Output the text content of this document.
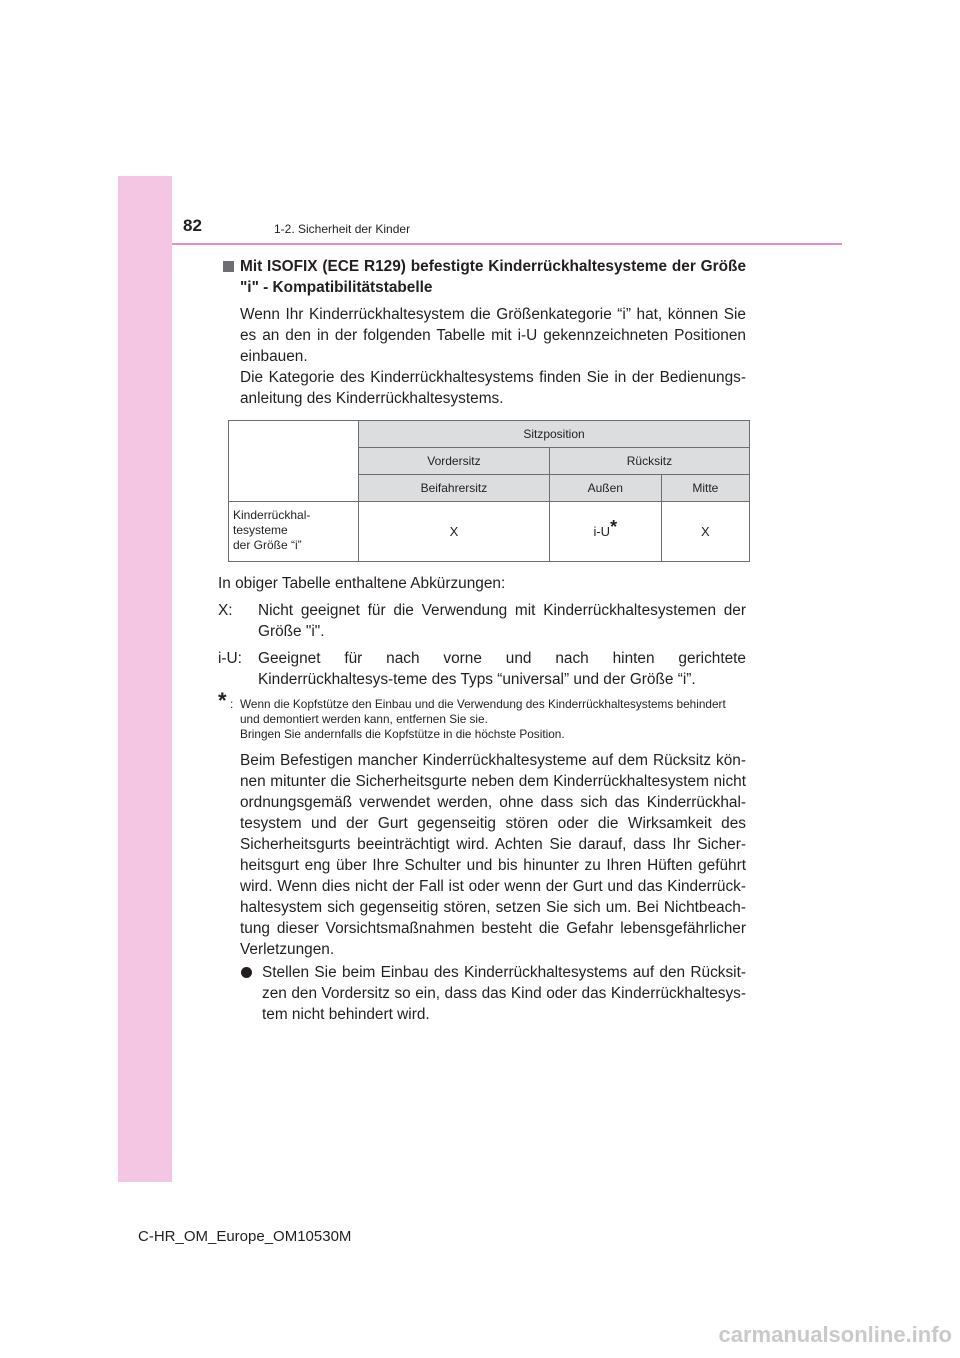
82	1-2. Sicherheit der Kinder

Mit ISOFIX (ECE R129) befestigte Kinderrückhaltesysteme der Größe "i" - Kompatibilitätstabelle

Wenn Ihr Kinderrückhaltesystem die Größenkategorie “i” hat, können Sie es an den in der folgenden Tabelle mit i-U gekennzeichneten Positionen einbauen.

Die Kategorie des Kinderrückhaltesystems finden Sie in der Bedienungs-anleitung des Kinderrückhaltesystems.

	Sitzposition		
	Vordersitz	Rücksitz	
	Beifahrersitz	Außen	Mitte
Kinderrückhal-
tesysteme
der Größe “i”	X	i-U*	X

In obiger Tabelle enthaltene Abkürzungen:

X: Nicht geeignet für die Verwendung mit Kinderrückhaltesystemen der Größe "i".
i-U: Geeignet für nach vorne und nach hinten gerichtete Kinderrückhaltesys-teme des Typs “universal” und der Größe “i”.
* : Wenn die Kopfstütze den Einbau und die Verwendung des Kinderrückhaltesystems behindert und demontiert werden kann, entfernen Sie sie.
Bringen Sie andernfalls die Kopfstütze in die höchste Position.

Beim Befestigen mancher Kinderrückhaltesysteme auf dem Rücksitz kön-nen mitunter die Sicherheitsgurte neben dem Kinderrückhaltesystem nicht ordnungsgemäß verwendet werden, ohne dass sich das Kinderrückhal-tesystem und der Gurt gegenseitig stören oder die Wirksamkeit des Sicherheitsgurts beeinträchtigt wird. Achten Sie darauf, dass Ihr Sicher-heitsgurt eng über Ihre Schulter und bis hinunter zu Ihren Hüften geführt wird. Wenn dies nicht der Fall ist oder wenn der Gurt und das Kinderrück-haltesystem sich gegenseitig stören, setzen Sie sich um. Bei Nichtbeach-tung dieser Vorsichtsmaßnahmen besteht die Gefahr lebensgefährlicher Verletzungen.

Stellen Sie beim Einbau des Kinderrückhaltesystems auf den Rücksit-zen den Vordersitz so ein, dass das Kind oder das Kinderrückhaltesys-tem nicht behindert wird.
C-HR_OM_Europe_OM10530M
carmanualsonline.info
